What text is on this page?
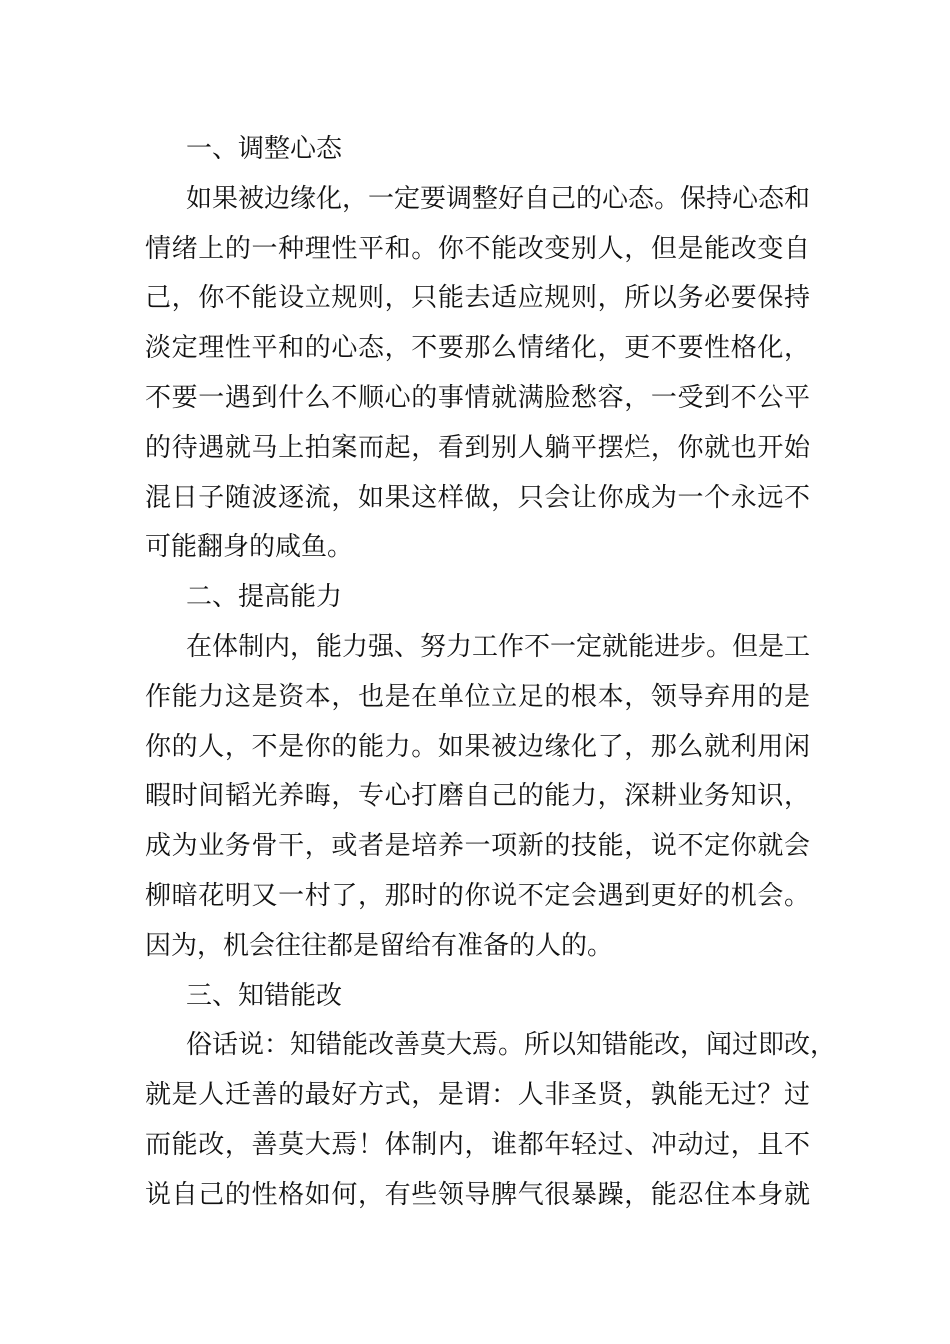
一、调整心态

如果被边缘化，一定要调整好自己的心态。保持心态和
情绪上的一种理性平和。你不能改变别人，但是能改变自
己，你不能设立规则，只能去适应规则，所以务必要保持
淡定理性平和的心态，不要那么情绪化，更不要性格化，
不要一遇到什么不顺心的事情就满脸愁容，一受到不公平
的待遇就马上拍案而起，看到别人躺平摆烂，你就也开始
混日子随波逐流，如果这样做，只会让你成为一个永远不
可能翻身的咸鱼。

二、提高能力

在体制内，能力强、努力工作不一定就能进步。但是工
作能力这是资本，也是在单位立足的根本，领导弃用的是
你的人，不是你的能力。如果被边缘化了，那么就利用闲
暇时间韬光养晦，专心打磨自己的能力，深耕业务知识，
成为业务骨干，或者是培养一项新的技能，说不定你就会
柳暗花明又一村了，那时的你说不定会遇到更好的机会。
因为，机会往往都是留给有准备的人的。

三、知错能改

俗话说：知错能改善莫大焉。所以知错能改，闻过即改，
就是人迁善的最好方式，是谓：人非圣贤，孰能无过？过
而能改，善莫大焉！体制内，谁都年轻过、冲动过，且不
说自己的性格如何，有些领导脾气很暴躁，能忍住本身就
